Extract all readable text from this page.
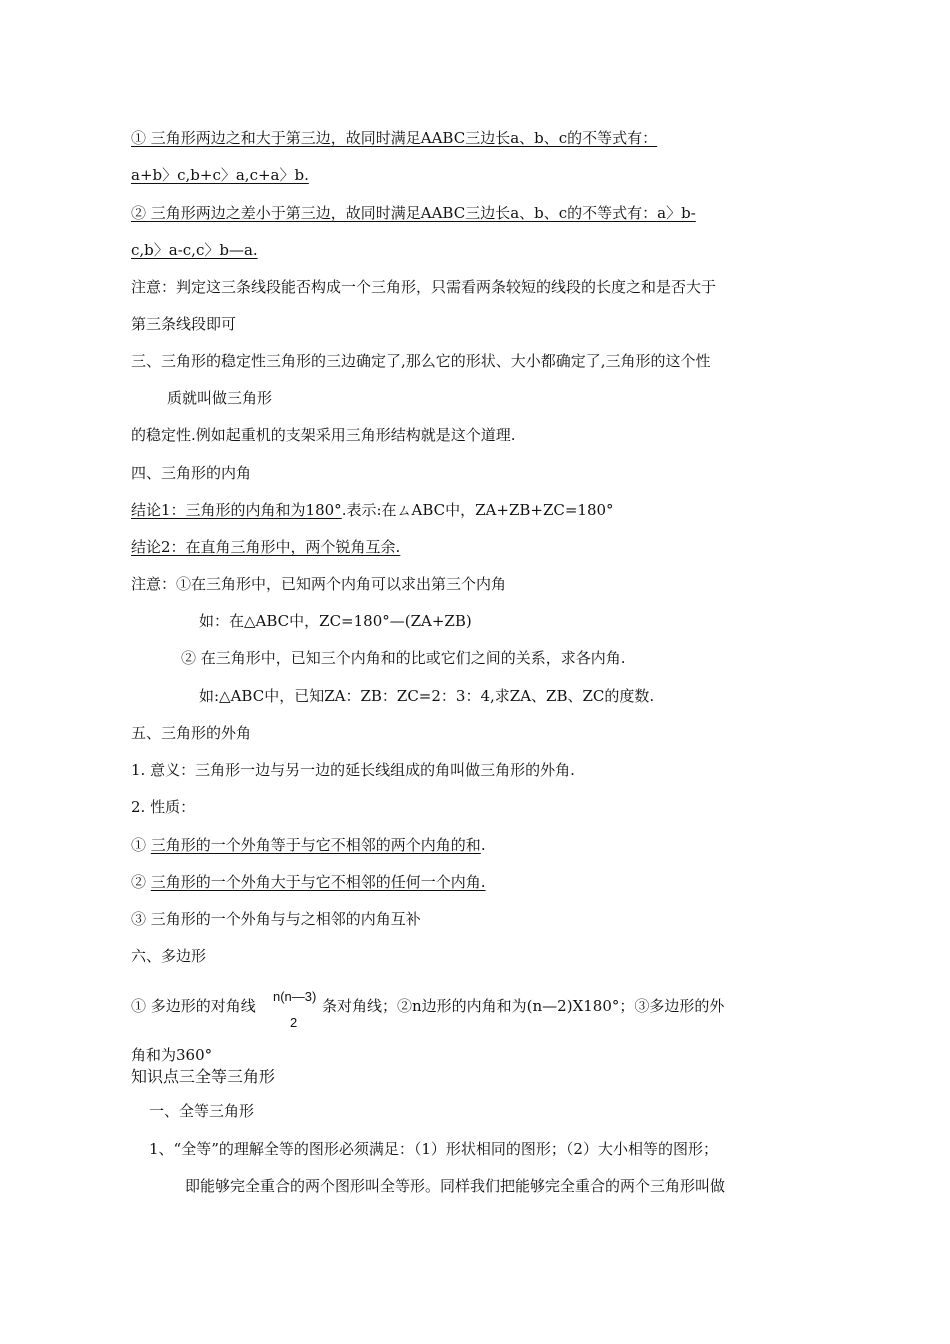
① 三角形两边之和大于第三边，故同时满足AABC三边长a、b、c的不等式有：
a+b〉c,b+c〉a,c+a〉b.
② 三角形两边之差小于第三边，故同时满足AABC三边长a、b、c的不等式有：a〉b-
c,b〉a-c,c〉b—a.
注意：判定这三条线段能否构成一个三角形，只需看两条较短的线段的长度之和是否大于
第三条线段即可
三、三角形的稳定性三角形的三边确定了,那么它的形状、大小都确定了,三角形的这个性
质就叫做三角形
的稳定性.例如起重机的支架采用三角形结构就是这个道理.
四、三角形的内角
结论1：三角形的内角和为180°.表示:在ㄙABC中，ZA+ZB+ZC=180°
结论2：在直角三角形中，两个锐角互余.
注意：①在三角形中，已知两个内角可以求出第三个内角
如：在△ABC中，ZC=180°—(ZA+ZB)
② 在三角形中，已知三个内角和的比或它们之间的关系，求各内角.
如:△ABC中，已知ZA：ZB：ZC=2：3：4,求ZA、ZB、ZC的度数.
五、三角形的外角
1. 意义：三角形一边与另一边的延长线组成的角叫做三角形的外角.
2. 性质：
① 三角形的一个外角等于与它不相邻的两个内角的和.
② 三角形的一个外角大于与它不相邻的任何一个内角.
③ 三角形的一个外角与与之相邻的内角互补
六、多边形
① 多边形的对角线
n(n—3)
2
条对角线；②n边形的内角和为(n—2)X180°；③多边形的外
角和为360°
知识点三全等三角形
一、全等三角形
1、“全等”的理解全等的图形必须满足：（1）形状相同的图形；（2）大小相等的图形；
即能够完全重合的两个图形叫全等形。同样我们把能够完全重合的两个三角形叫做
